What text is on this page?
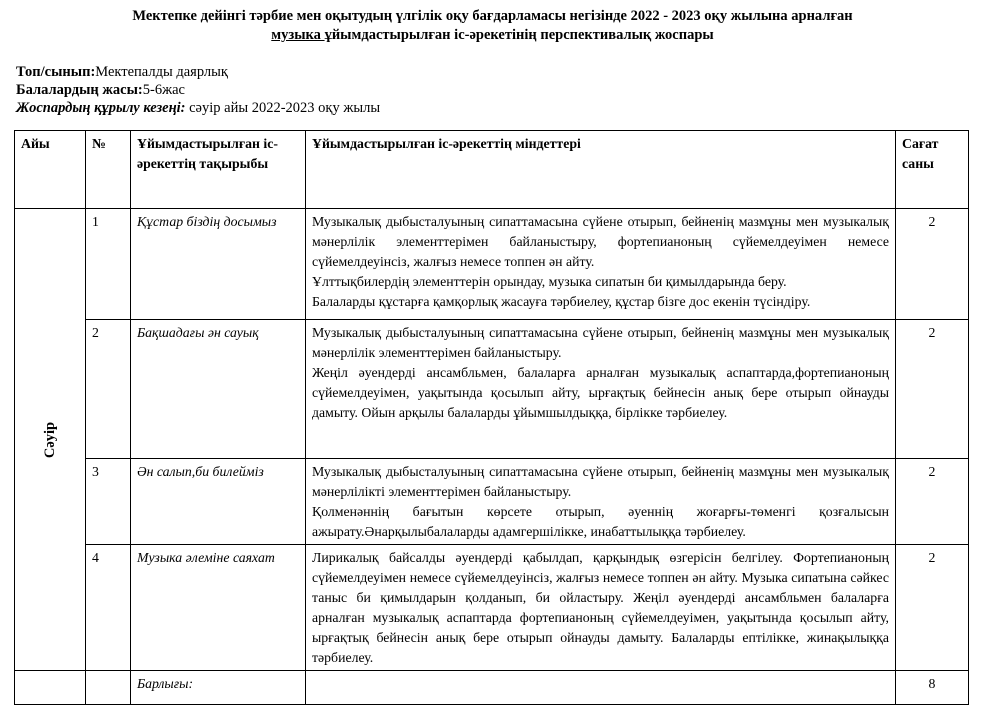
Мектепке дейінгі тәрбие мен оқытудың үлгілік оқу бағдарламасы негізінде 2022 - 2023 оқу жылына арналған
музыка ұйымдастырылған іс-әрекетінің перспективалық жоспары
Топ/сынып:Мектепалды даярлық
Балалардың жасы:5-6жас
Жоспардың құрылу кезеңі: сәуір айы 2022-2023 оқу жылы
Айы	№	Ұйымдастырылған іс-әрекеттің тақырыбы	Ұйымдастырылған іс-әрекеттің міндеттері	Сағат саны

Сәуір	1	Құстар біздің досымыз	Музыкалық дыбысталуының сипаттамасына сүйене отырып, бейненің мазмұны мен музыкалық мәнерлілік элементтерімен байланыстыру, фортепианоның сүйемелдеуімен немесе сүйемелдеуінсіз, жалғыз немесе топпен ән айту.

Ұлттықбилердің элементтерін орындау, музыка сипатын би қимылдарында беру.

Балаларды құстарға қамқорлық жасауға тәрбиелеу, құстар бізге дос екенін түсіндіру.	2
	2	Бақшадағы ән сауық	Музыкалық дыбысталуының сипаттамасына сүйене отырып, бейненің мазмұны мен музыкалық мәнерлілік элементтерімен байланыстыру.

Жеңіл әуендерді ансамбльмен, балаларға арналған музыкалық аспаптарда,фортепианоның сүйемелдеуімен, уақытында қосылып айту, ырғақтық бейнесін анық бере отырып ойнауды дамыту. Ойын арқылы балаларды ұйымшылдыққа, бірлікке тәрбиелеу.	2
	3	Ән салып,би билейміз	Музыкалық дыбысталуының сипаттамасына сүйене отырып, бейненің мазмұны мен музыкалық мәнерлілікті элементтерімен байланыстыру.

Қолменәннің бағытын көрсете отырып, әуеннің жоғарғы-төменгі қозғалысын ажырату.Әнарқылыбалаларды адамгершілікке, инабаттылыққа тәрбиелеу.	2
	4	Музыка әлеміне саяхат	Лирикалық байсалды әуендерді қабылдап, қарқындық өзгерісін белгілеу. Фортепианоның сүйемелдеуімен немесе сүйемелдеуінсіз, жалғыз немесе топпен ән айту. Музыка сипатына сәйкес таныс би қимылдарын қолданып, би ойластыру. Жеңіл әуендерді ансамбльмен балаларға арналған музыкалық аспаптарда фортепианоның сүйемелдеуімен, уақытында қосылып айту, ырғақтық бейнесін анық бере отырып ойнауды дамыту. Балаларды ептілікке, жинақылыққа тәрбиелеу.	2
		Барлығы:		8
